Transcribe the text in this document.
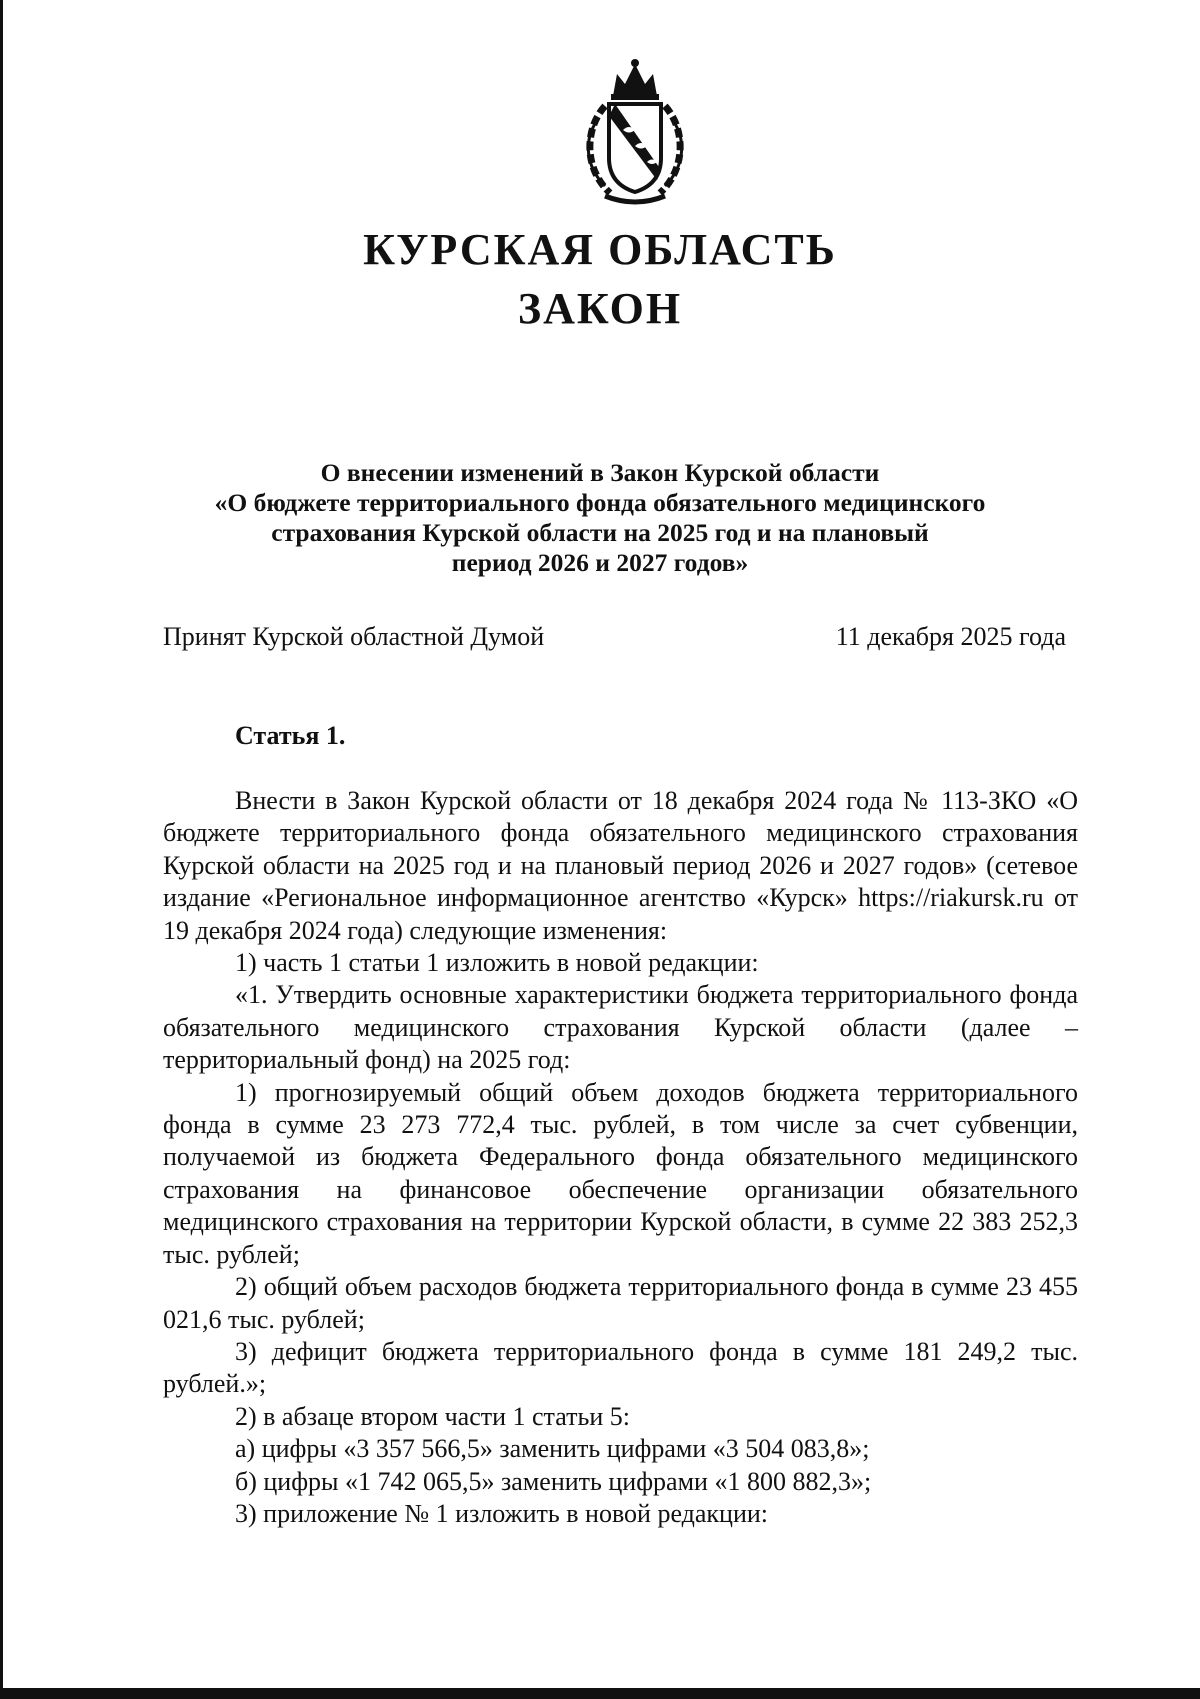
КУРСКАЯ ОБЛАСТЬ
ЗАКОН
О внесении изменений в Закон Курской области
«О бюджете территориального фонда обязательного медицинского
страхования Курской области на 2025 год и на плановый
период 2026 и 2027 годов»
Принят Курской областной Думой	11 декабря 2025 года
Статья 1.

Внести в Закон Курской области от 18 декабря 2024 года № 113-ЗКО «О бюджете территориального фонда обязательного медицинского страхования Курской области на 2025 год и на плановый период 2026 и 2027 годов» (сетевое издание «Региональное информационное агентство «Курск» https://riakursk.ru от 19 декабря 2024 года) следующие изменения:

1) часть 1 статьи 1 изложить в новой редакции:

«1. Утвердить основные характеристики бюджета территориального фонда обязательного медицинского страхования Курской области (далее – территориальный фонд) на 2025 год:

1) прогнозируемый общий объем доходов бюджета территориального фонда в сумме 23 273 772,4 тыс. рублей, в том числе за счет субвенции, получаемой из бюджета Федерального фонда обязательного медицинского страхования на финансовое обеспечение организации обязательного медицинского страхования на территории Курской области, в сумме 22 383 252,3 тыс. рублей;

2) общий объем расходов бюджета территориального фонда в сумме 23 455 021,6 тыс. рублей;

3) дефицит бюджета территориального фонда в сумме 181 249,2 тыс. рублей.»;

2) в абзаце втором части 1 статьи 5:

а) цифры «3 357 566,5» заменить цифрами «3 504 083,8»;

б) цифры «1 742 065,5» заменить цифрами «1 800 882,3»;

3) приложение № 1 изложить в новой редакции:
